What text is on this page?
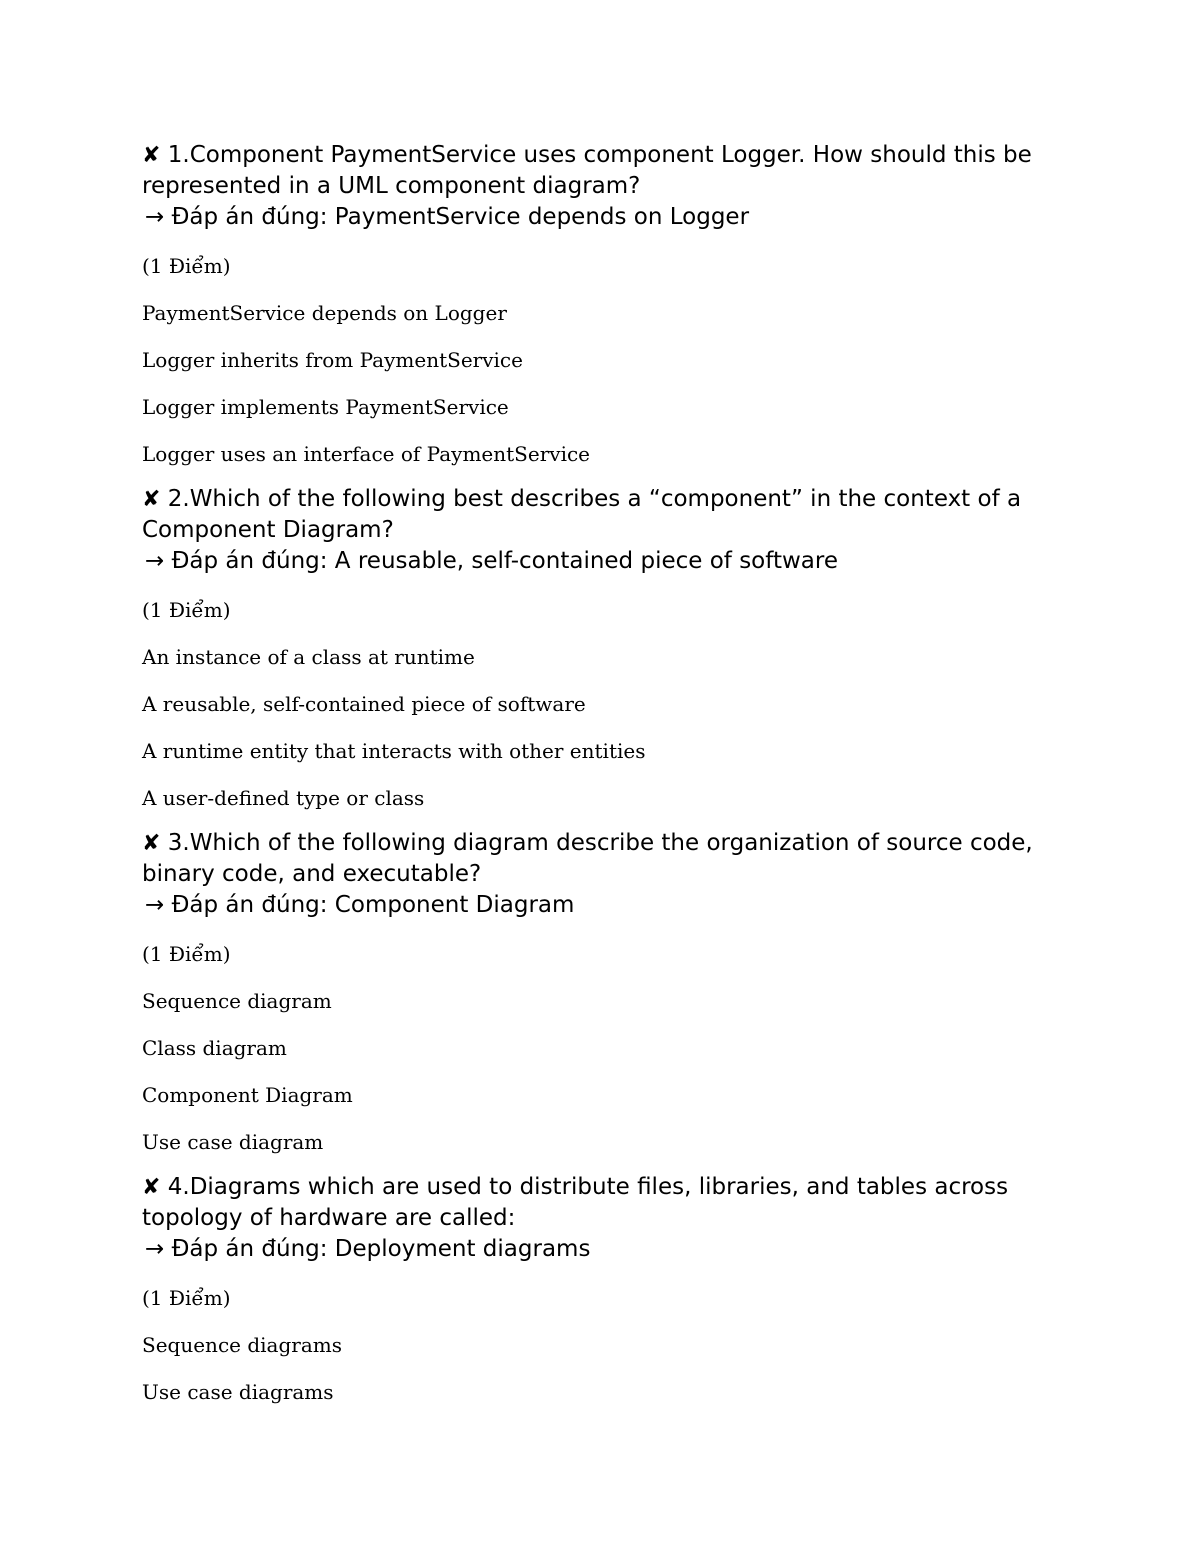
✘ 1.Component PaymentService uses component Logger. How should this be represented in a UML component diagram?

→ Đáp án đúng: PaymentService depends on Logger

(1 Điểm)

PaymentService depends on Logger

Logger inherits from PaymentService

Logger implements PaymentService

Logger uses an interface of PaymentService

✘ 2.Which of the following best describes a “component” in the context of a Component Diagram?

→ Đáp án đúng: A reusable, self-contained piece of software

(1 Điểm)

An instance of a class at runtime

A reusable, self-contained piece of software

A runtime entity that interacts with other entities

A user-defined type or class

✘ 3.Which of the following diagram describe the organization of source code, binary code, and executable?

→ Đáp án đúng: Component Diagram

(1 Điểm)

Sequence diagram

Class diagram

Component Diagram

Use case diagram

✘ 4.Diagrams which are used to distribute files, libraries, and tables across topology of hardware are called:

→ Đáp án đúng: Deployment diagrams

(1 Điểm)

Sequence diagrams

Use case diagrams
